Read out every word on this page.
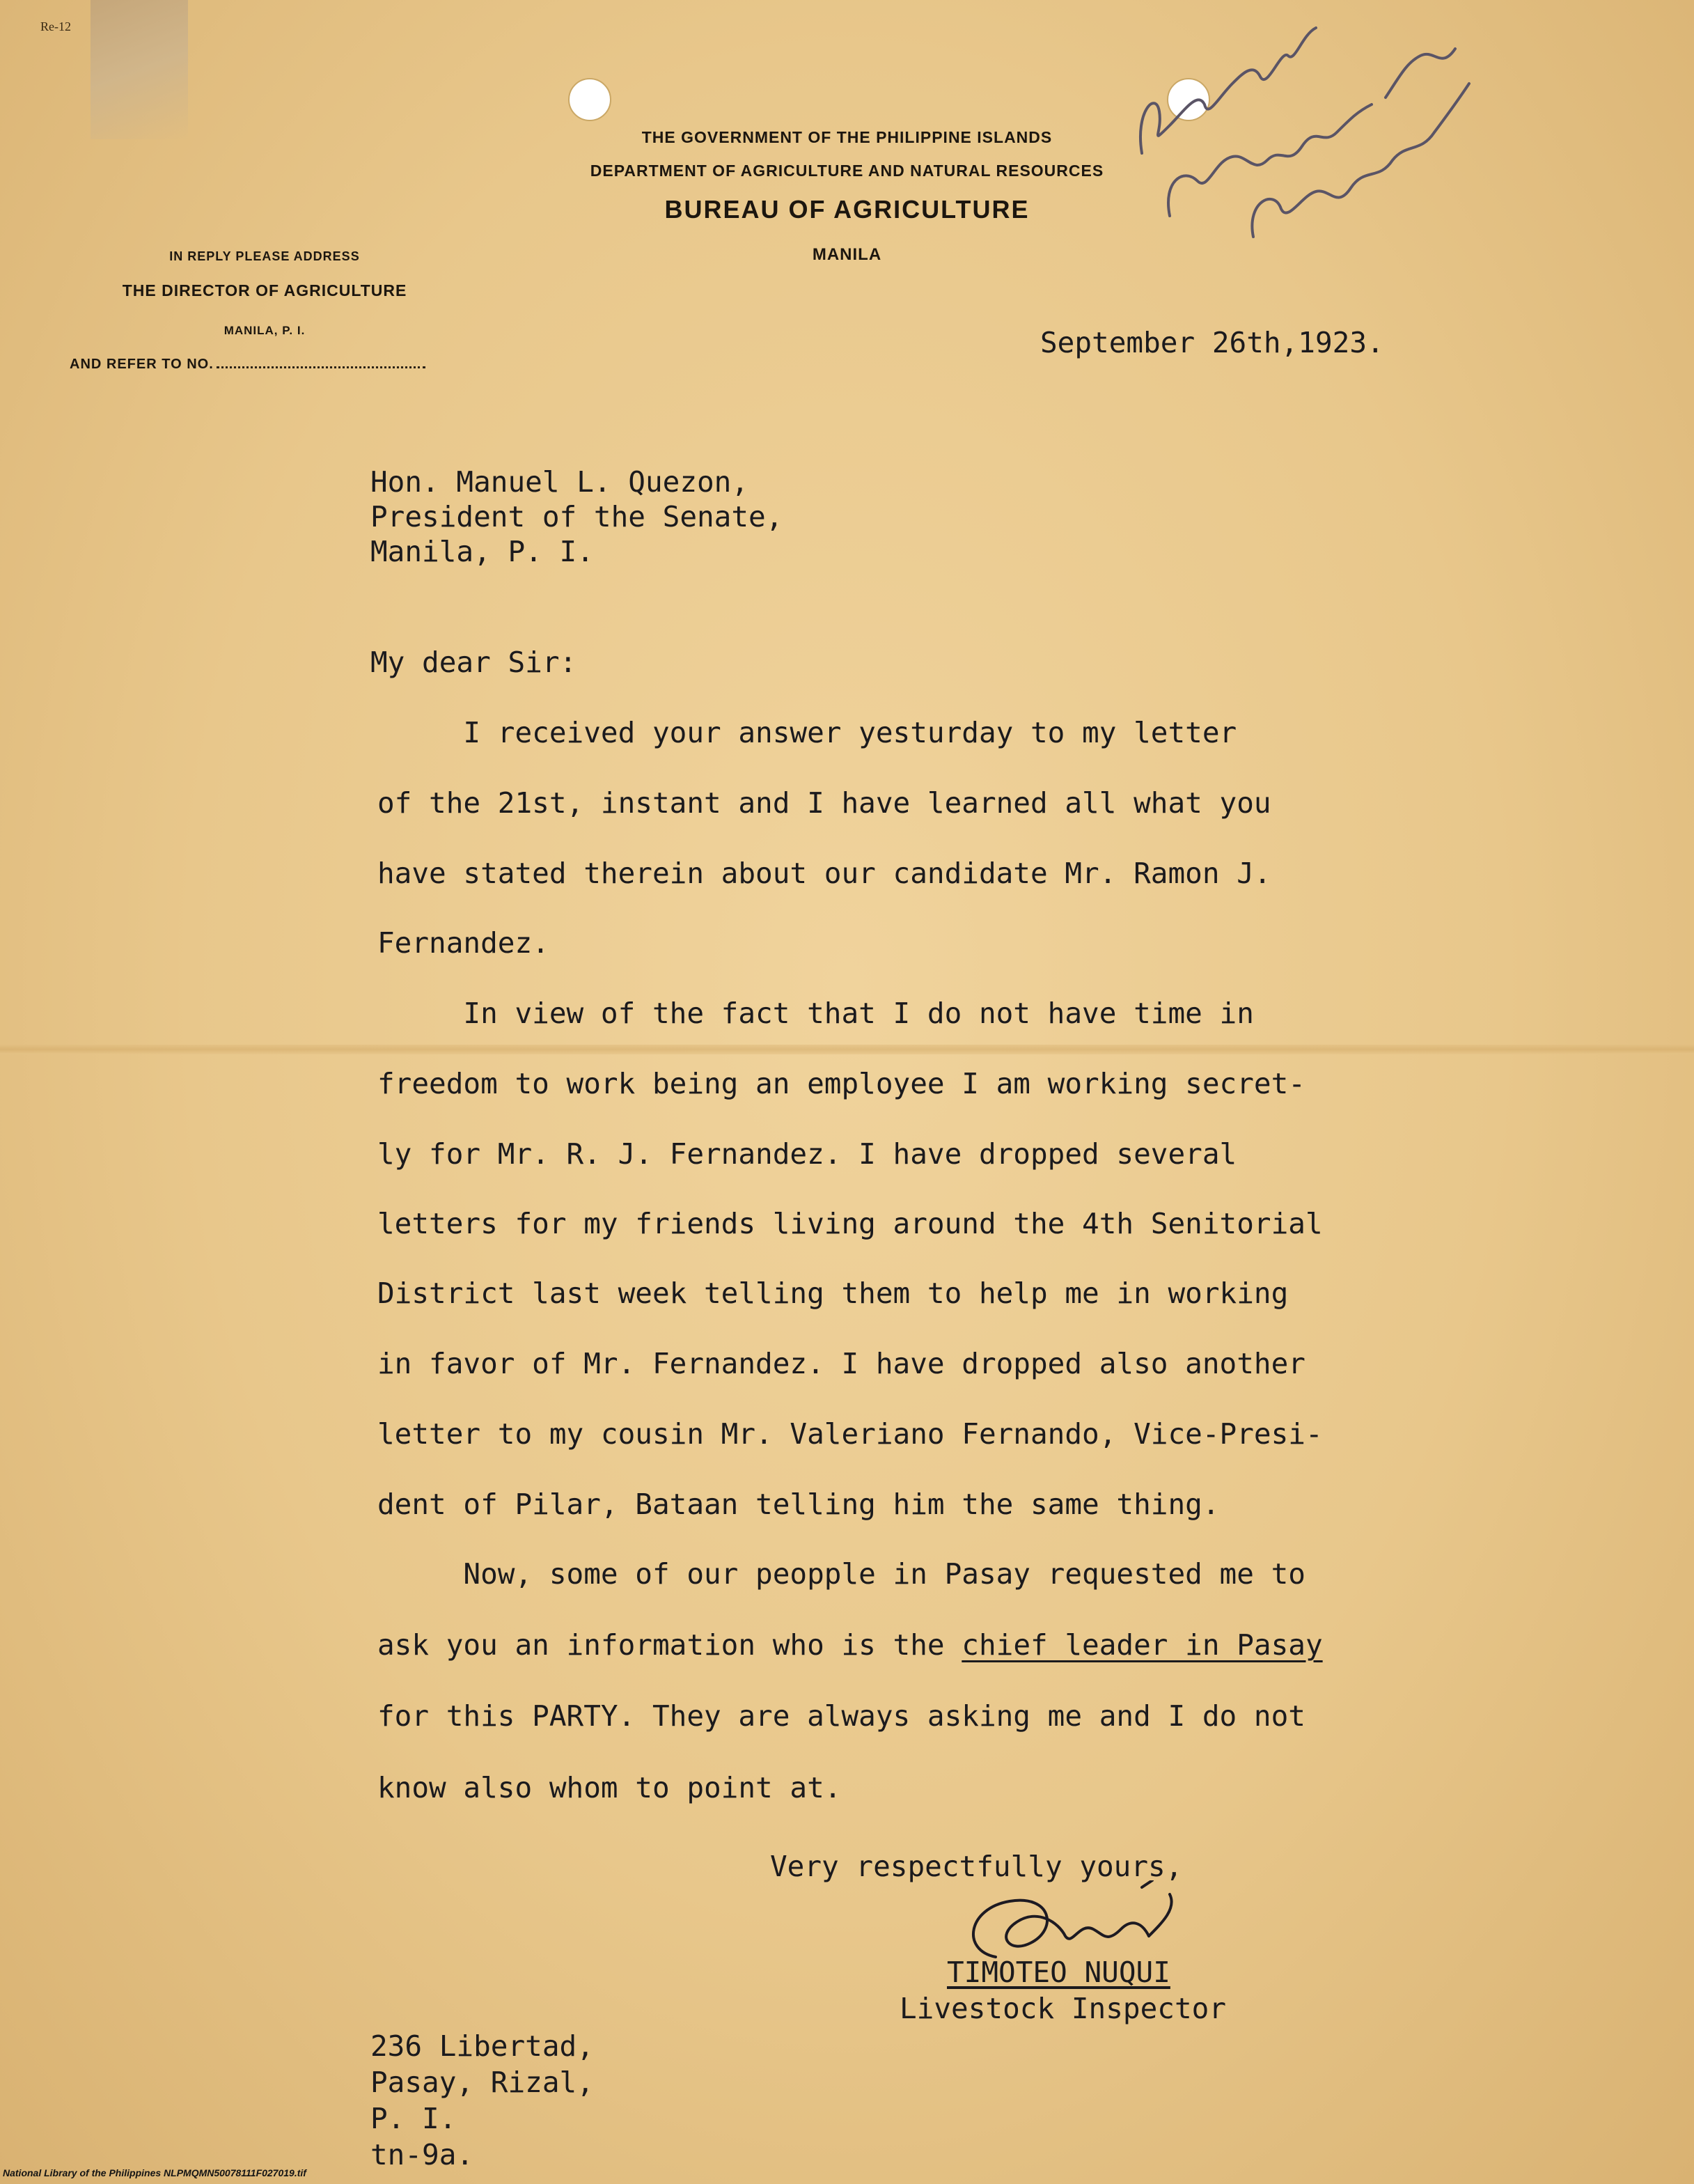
Re-12
THE GOVERNMENT OF THE PHILIPPINE ISLANDS
DEPARTMENT OF AGRICULTURE AND NATURAL RESOURCES
BUREAU OF AGRICULTURE
MANILA
IN REPLY PLEASE ADDRESS
THE DIRECTOR OF AGRICULTURE
MANILA, P. I.
AND REFER TO NO.
September 26th,1923.
Hon. Manuel L. Quezon,
President of the Senate,
Manila, P. I.
My dear Sir:
I received your answer yesturday to my letter
of the 21st, instant and I have learned all what you
have stated therein about our candidate Mr. Ramon J.
Fernandez.
In view of the fact that I do not have time in
freedom to work being an employee I am working secret-
ly for Mr. R. J. Fernandez. I have dropped several
letters for my friends living around the 4th Senitorial
District last week telling them to help me in working
in favor of Mr. Fernandez. I have dropped also another
letter to my cousin Mr. Valeriano Fernando, Vice-Presi-
dent of Pilar, Bataan telling him the same thing.
Now, some of our peopple in Pasay requested me to
ask you an information who is the chief leader in Pasay
for this PARTY. They are always asking me and I do not
know also whom to point at.
Very respectfully yours,
TIMOTEO NUQUI
Livestock Inspector
236 Libertad,
Pasay, Rizal,
P. I.
tn-9a.
National Library of the Philippines NLPMQMN50078111F027019.tif
